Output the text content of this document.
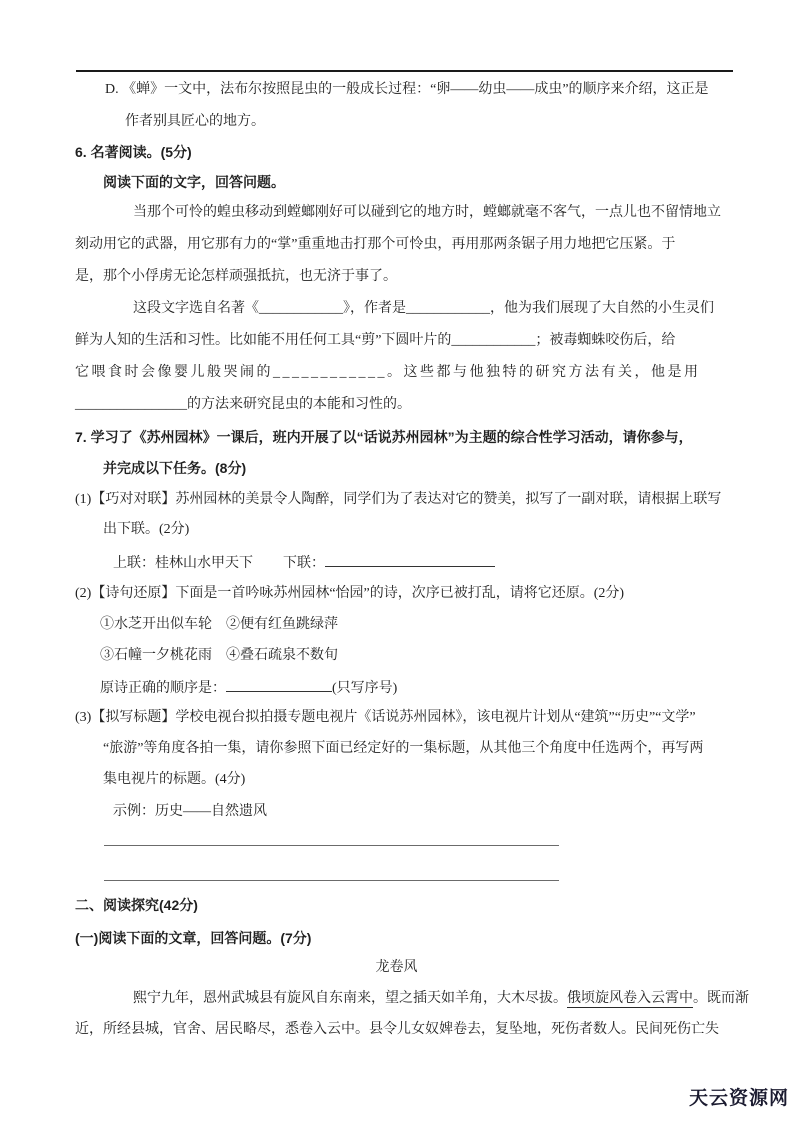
D. 《蝉》一文中，法布尔按照昆虫的一般成长过程：“卵——幼虫——成虫”的顺序来介绍，这正是
作者别具匠心的地方。
6. 名著阅读。(5分)
阅读下面的文字，回答问题。
当那个可怜的蝗虫移动到螳螂刚好可以碰到它的地方时，螳螂就毫不客气，一点儿也不留情地立
刻动用它的武器，用它那有力的“掌”重重地击打那个可怜虫，再用那两条锯子用力地把它压紧。于
是，那个小俘虏无论怎样顽强抵抗，也无济于事了。
这段文字选自名著《____________》，作者是____________，他为我们展现了大自然的小生灵们
鲜为人知的生活和习性。比如能不用任何工具“剪”下圆叶片的____________；被毒蜘蛛咬伤后，给
它喂食时会像婴儿般哭闹的____________。这些都与他独特的研究方法有关，他是用
________________的方法来研究昆虫的本能和习性的。
7. 学习了《苏州园林》一课后，班内开展了以“话说苏州园林”为主题的综合性学习活动，请你参与，
并完成以下任务。(8分)
(1)【巧对对联】苏州园林的美景令人陶醉，同学们为了表达对它的赞美，拟写了一副对联，请根据上联写
出下联。(2分)
上联：桂林山水甲天下 下联：
(2)【诗句还原】下面是一首吟咏苏州园林“怡园”的诗，次序已被打乱，请将它还原。(2分)
①水芝开出似车轮　②便有红鱼跳绿萍
③石幢一夕桃花雨　④叠石疏泉不数旬
原诗正确的顺序是：	(只写序号)
(3)【拟写标题】学校电视台拟拍摄专题电视片《话说苏州园林》，该电视片计划从“建筑”“历史”“文学”
“旅游”等角度各拍一集，请你参照下面已经定好的一集标题，从其他三个角度中任选两个，再写两
集电视片的标题。(4分)
示例：历史——自然遗风
二、阅读探究(42分)
(一)阅读下面的文章，回答问题。(7分)
龙卷风
熙宁九年，恩州武城县有旋风自东南来，望之插天如羊角，大木尽拔。俄顷旋风卷入云霄中。既而渐
近，所经县城，官舍、居民略尽，悉卷入云中。县令儿女奴婢卷去，复坠地，死伤者数人。民间死伤亡失
天云资源网
